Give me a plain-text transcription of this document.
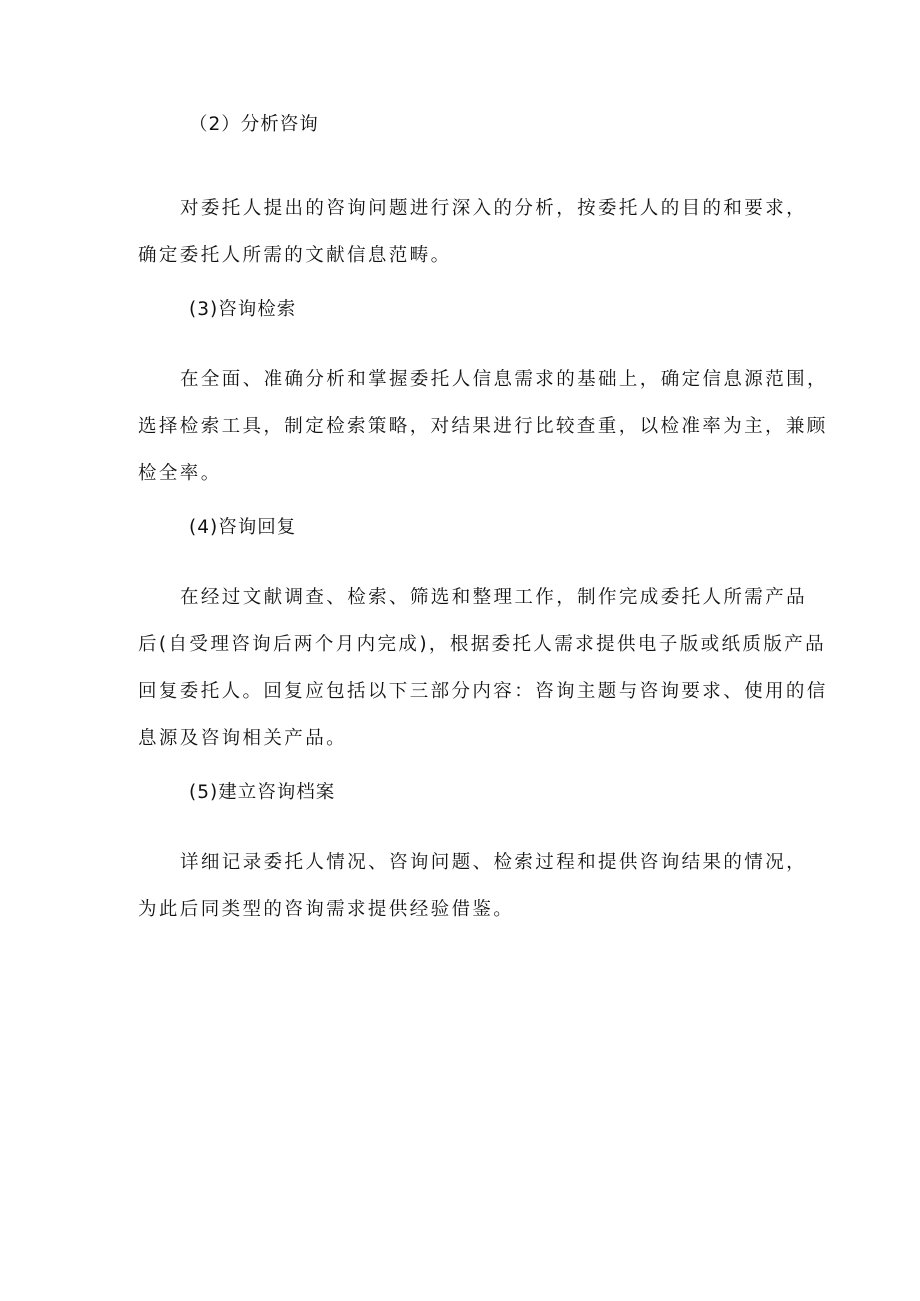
（2）分析咨询
对委托人提出的咨询问题进行深入的分析，按委托人的目的和要求，
确定委托人所需的文献信息范畴。
(3)咨询检索
在全面、准确分析和掌握委托人信息需求的基础上，确定信息源范围，
选择检索工具，制定检索策略，对结果进行比较查重，以检准率为主，兼顾
检全率。
(4)咨询回复
在经过文献调查、检索、筛选和整理工作，制作完成委托人所需产品
后(自受理咨询后两个月内完成)，根据委托人需求提供电子版或纸质版产品
回复委托人。回复应包括以下三部分内容：咨询主题与咨询要求、使用的信
息源及咨询相关产品。
(5)建立咨询档案
详细记录委托人情况、咨询问题、检索过程和提供咨询结果的情况，
为此后同类型的咨询需求提供经验借鉴。
